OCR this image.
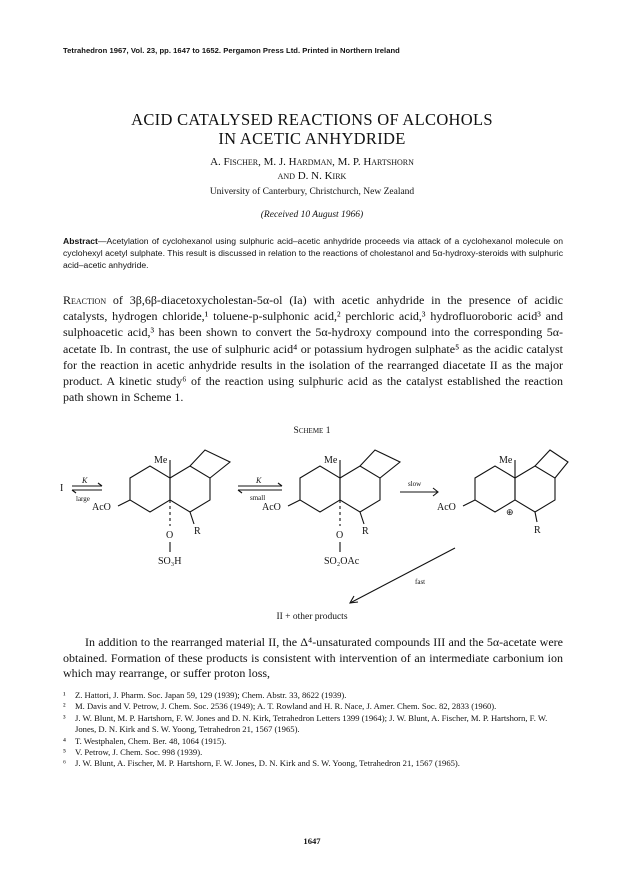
Tetrahedron 1967, Vol. 23, pp. 1647 to 1652. Pergamon Press Ltd. Printed in Northern Ireland
ACID CATALYSED REACTIONS OF ALCOHOLS
IN ACETIC ANHYDRIDE
A. Fischer, M. J. Hardman, M. P. Hartshorn
and D. N. Kirk
University of Canterbury, Christchurch, New Zealand
(Received 10 August 1966)
Abstract—Acetylation of cyclohexanol using sulphuric acid–acetic anhydride proceeds via attack of a cyclohexanol molecule on cyclohexyl acetyl sulphate. This result is discussed in relation to the reactions of cholestanol and 5α-hydroxy-steroids with sulphuric acid–acetic anhydride.
Reaction of 3β,6β-diacetoxycholestan-5α-ol (Ia) with acetic anhydride in the presence of acidic catalysts, hydrogen chloride,¹ toluene-p-sulphonic acid,² perchloric acid,³ hydrofluoroboric acid³ and sulphoacetic acid,³ has been shown to convert the 5α-hydroxy compound into the corresponding 5α-acetate Ib. In contrast, the use of sulphuric acid⁴ or potassium hydrogen sulphate⁵ as the acidic catalyst for the reaction in acetic anhydride results in the isolation of the rearranged diacetate II as the major product. A kinetic study⁶ of the reaction using sulphuric acid as the catalyst established the reaction path shown in Scheme 1.
Scheme 1
I
K
large
Me
AcO
O R
SO₃H
K
small
Me
AcO
O R
SO₂OAc
slow
Me
AcO	⊕
R
fast
II + other products
In addition to the rearranged material II, the Δ⁴-unsaturated compounds III and the 5α-acetate were obtained. Formation of these products is consistent with intervention of an intermediate carbonium ion which may rearrange, or suffer proton loss,
¹ Z. Hattori, J. Pharm. Soc. Japan 59, 129 (1939); Chem. Abstr. 33, 8622 (1939).
² M. Davis and V. Petrow, J. Chem. Soc. 2536 (1949); A. T. Rowland and H. R. Nace, J. Amer. Chem. Soc. 82, 2833 (1960).
³ J. W. Blunt, M. P. Hartshorn, F. W. Jones and D. N. Kirk, Tetrahedron Letters 1399 (1964); J. W. Blunt, A. Fischer, M. P. Hartshorn, F. W. Jones, D. N. Kirk and S. W. Yoong, Tetrahedron 21, 1567 (1965).
⁴ T. Westphalen, Chem. Ber. 48, 1064 (1915).
⁵ V. Petrow, J. Chem. Soc. 998 (1939).
⁶ J. W. Blunt, A. Fischer, M. P. Hartshorn, F. W. Jones, D. N. Kirk and S. W. Yoong, Tetrahedron 21, 1567 (1965).
1647
